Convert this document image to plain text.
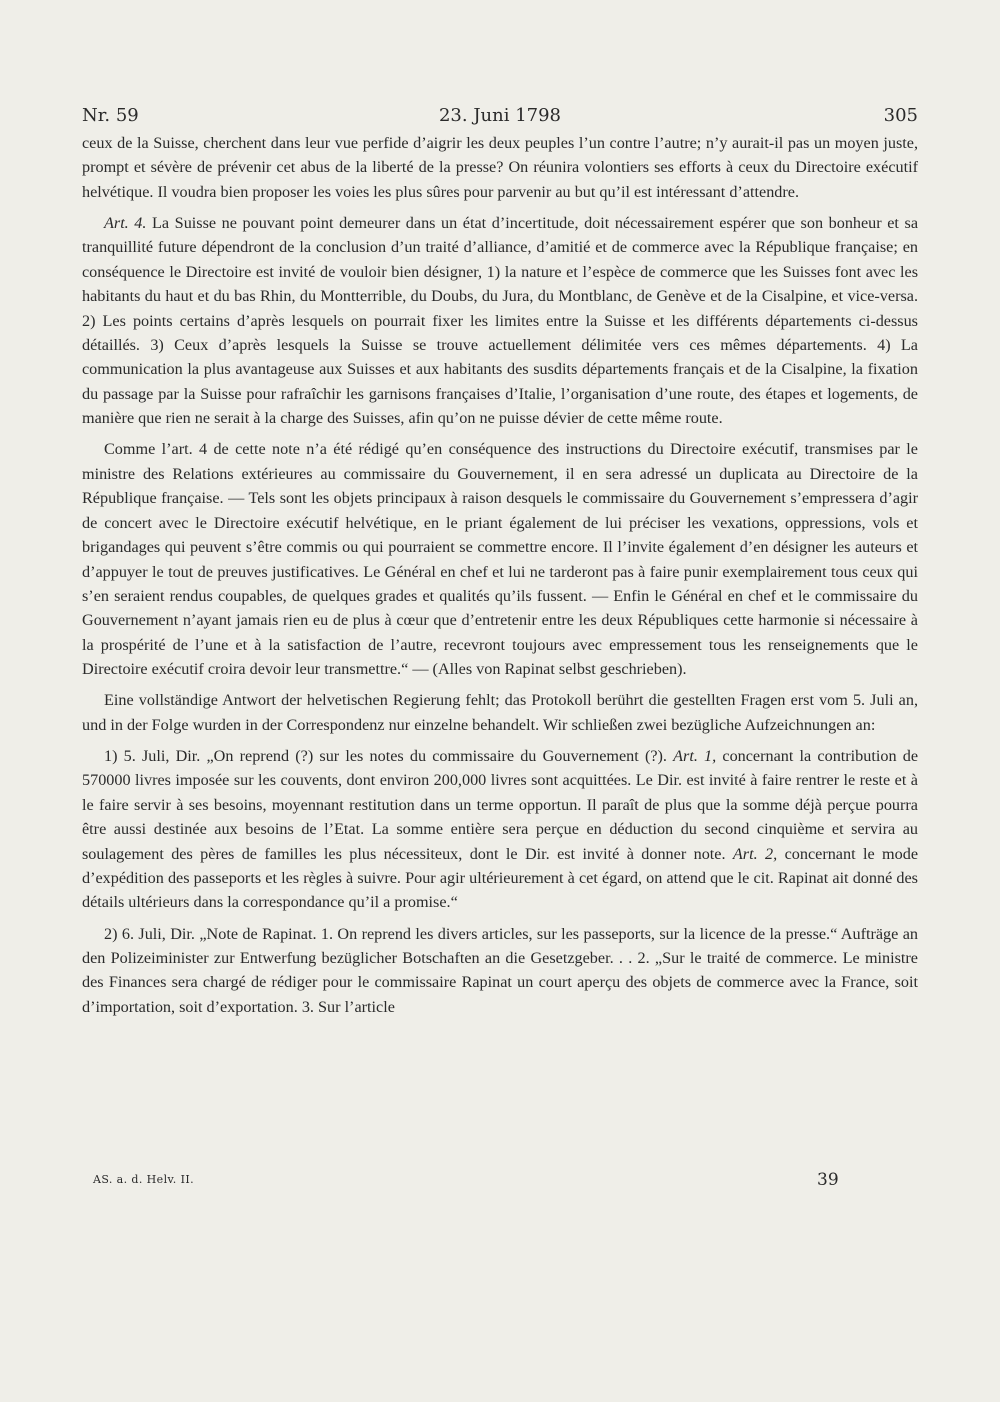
Nr. 59	23. Juni 1798	305

ceux de la Suisse, cherchent dans leur vue perfide d’aigrir les deux peuples l’un contre l’autre; n’y aurait-il pas un moyen juste, prompt et sévère de prévenir cet abus de la liberté de la presse? On réunira volontiers ses efforts à ceux du Directoire exécutif helvétique. Il voudra bien proposer les voies les plus sûres pour parvenir au but qu’il est intéressant d’attendre.

Art. 4. La Suisse ne pouvant point demeurer dans un état d’incertitude, doit nécessairement espérer que son bonheur et sa tranquillité future dépendront de la conclusion d’un traité d’alliance, d’amitié et de commerce avec la République française; en conséquence le Directoire est invité de vouloir bien désigner, 1) la nature et l’espèce de commerce que les Suisses font avec les habitants du haut et du bas Rhin, du Montterrible, du Doubs, du Jura, du Montblanc, de Genève et de la Cisalpine, et vice-versa. 2) Les points certains d’après lesquels on pourrait fixer les limites entre la Suisse et les différents départements ci-dessus détaillés. 3) Ceux d’après lesquels la Suisse se trouve actuellement délimitée vers ces mêmes départements. 4) La communication la plus avantageuse aux Suisses et aux habitants des susdits départements français et de la Cisalpine, la fixation du passage par la Suisse pour rafraîchir les garnisons françaises d’Italie, l’organisation d’une route, des étapes et logements, de manière que rien ne serait à la charge des Suisses, afin qu’on ne puisse dévier de cette même route.

Comme l’art. 4 de cette note n’a été rédigé qu’en conséquence des instructions du Directoire exécutif, transmises par le ministre des Relations extérieures au commissaire du Gouvernement, il en sera adressé un duplicata au Directoire de la République française. — Tels sont les objets principaux à raison desquels le commissaire du Gouvernement s’empressera d’agir de concert avec le Directoire exécutif helvétique, en le priant également de lui préciser les vexations, oppressions, vols et brigandages qui peuvent s’être commis ou qui pourraient se commettre encore. Il l’invite également d’en désigner les auteurs et d’appuyer le tout de preuves justificatives. Le Général en chef et lui ne tarderont pas à faire punir exemplairement tous ceux qui s’en seraient rendus coupables, de quelques grades et qualités qu’ils fussent. — Enfin le Général en chef et le commissaire du Gouvernement n’ayant jamais rien eu de plus à cœur que d’entretenir entre les deux Républiques cette harmonie si nécessaire à la prospérité de l’une et à la satisfaction de l’autre, recevront toujours avec empressement tous les renseignements que le Directoire exécutif croira devoir leur transmettre.“ — (Alles von Rapinat selbst geschrieben).

Eine vollständige Antwort der helvetischen Regierung fehlt; das Protokoll berührt die gestellten Fragen erst vom 5. Juli an, und in der Folge wurden in der Correspondenz nur einzelne behandelt. Wir schließen zwei bezügliche Aufzeichnungen an:

1) 5. Juli, Dir. „On reprend (?) sur les notes du commissaire du Gouvernement (?). Art. 1, concernant la contribution de 570000 livres imposée sur les couvents, dont environ 200,000 livres sont acquittées. Le Dir. est invité à faire rentrer le reste et à le faire servir à ses besoins, moyennant restitution dans un terme opportun. Il paraît de plus que la somme déjà perçue pourra être aussi destinée aux besoins de l’Etat. La somme entière sera perçue en déduction du second cinquième et servira au soulagement des pères de familles les plus nécessiteux, dont le Dir. est invité à donner note. Art. 2, concernant le mode d’expédition des passeports et les règles à suivre. Pour agir ultérieurement à cet égard, on attend que le cit. Rapinat ait donné des détails ultérieurs dans la correspondance qu’il a promise.“

2) 6. Juli, Dir. „Note de Rapinat. 1. On reprend les divers articles, sur les passeports, sur la licence de la presse.“ Aufträge an den Polizeiminister zur Entwerfung bezüglicher Botschaften an die Gesetzgeber. . . 2. „Sur le traité de commerce. Le ministre des Finances sera chargé de rédiger pour le commissaire Rapinat un court aperçu des objets de commerce avec la France, soit d’importation, soit d’exportation. 3. Sur l’article

AS. a. d. Helv. II.	39
